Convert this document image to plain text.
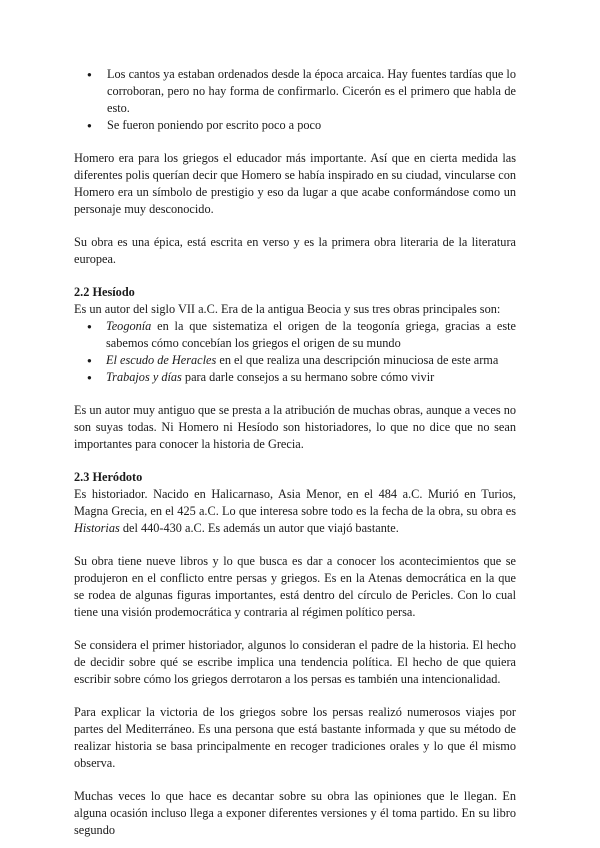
● Los cantos ya estaban ordenados desde la época arcaica. Hay fuentes tardías que lo corroboran, pero no hay forma de confirmarlo. Cicerón es el primero que habla de esto.
● Se fueron poniendo por escrito poco a poco

Homero era para los griegos el educador más importante. Así que en cierta medida las diferentes polis querían decir que Homero se había inspirado en su ciudad, vincularse con Homero era un símbolo de prestigio y eso da lugar a que acabe conformándose como un personaje muy desconocido.

Su obra es una épica, está escrita en verso y es la primera obra literaria de la literatura europea.

2.2 Hesíodo

Es un autor del siglo VII a.C. Era de la antigua Beocia y sus tres obras principales son:

● Teogonía en la que sistematiza el origen de la teogonía griega, gracias a este sabemos cómo concebían los griegos el origen de su mundo
● El escudo de Heracles en el que realiza una descripción minuciosa de este arma
● Trabajos y días para darle consejos a su hermano sobre cómo vivir

Es un autor muy antiguo que se presta a la atribución de muchas obras, aunque a veces no son suyas todas. Ni Homero ni Hesíodo son historiadores, lo que no dice que no sean importantes para conocer la historia de Grecia.

2.3 Heródoto

Es historiador. Nacido en Halicarnaso, Asia Menor, en el 484 a.C. Murió en Turios, Magna Grecia, en el 425 a.C. Lo que interesa sobre todo es la fecha de la obra, su obra es Historias del 440-430 a.C. Es además un autor que viajó bastante.

Su obra tiene nueve libros y lo que busca es dar a conocer los acontecimientos que se produjeron en el conflicto entre persas y griegos. Es en la Atenas democrática en la que se rodea de algunas figuras importantes, está dentro del círculo de Pericles. Con lo cual tiene una visión prodemocrática y contraria al régimen político persa.

Se considera el primer historiador, algunos lo consideran el padre de la historia. El hecho de decidir sobre qué se escribe implica una tendencia política. El hecho de que quiera escribir sobre cómo los griegos derrotaron a los persas es también una intencionalidad.

Para explicar la victoria de los griegos sobre los persas realizó numerosos viajes por partes del Mediterráneo. Es una persona que está bastante informada y que su método de realizar historia se basa principalmente en recoger tradiciones orales y lo que él mismo observa.

Muchas veces lo que hace es decantar sobre su obra las opiniones que le llegan. En alguna ocasión incluso llega a exponer diferentes versiones y él toma partido. En su libro segundo
